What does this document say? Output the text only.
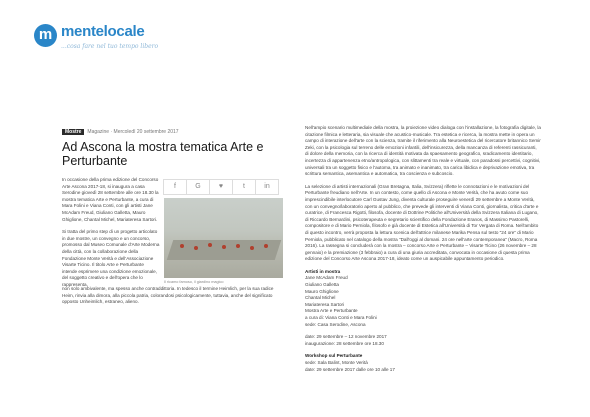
m mentelocale
...cosa fare nel tuo tempo libero
Mostre Magazine · Mercoledì 20 settembre 2017
Ad Ascona la mostra tematica Arte e Perturbante
f	G	♥	t	in

In occasione della prima edizione del Concorso Arte Ascona 2017-18, si inaugura a casa Serodine giovedì 28 settembre alle ore 18.30 la mostra tematica Arte e Perturbante, a cura di Mara Folini e Viana Conti, con gli artisti Jane McAdam Freud, Giuliano Galletta, Mauro Ghiglione, Chantal Michel, Mariateresa Sartori.

Si tratta del primo step di un progetto articolato in due mostre, un convegno e un concorso, promosso dal Museo Comunale d'Arte Moderna della città, con la collaborazione della Fondazione Monte Verità e dell'Associazione Visarte Ticino. Il titolo Arte e Perturbante intende esprimere una condizione emozionale, del soggetto creativo e dell'opera che lo rappresenta,	Il ricamo famoso, il giardino magico
non solo ambivalente, ma spesso anche contraddittoria. In tedesco il termine Heimlich, per la sua radice Heim, rinvia alla dimora, alla piccola patria, colorandosi psicologicamente, tuttavia, anche del significato opposto Unheimlich, estraneo, alieno.

Nell'ampio scenario multimediale della mostra, la proiezione video dialoga con l'installazione, la fotografia digitale, la citazione filmica e letteraria, sia visuale che acustico-musicale. Tra estetica e ricerca, la mostra mette in opera un campo di interazione dell'arte con la scienza, tramite il riferimento alla Neuroestetica del ricercatore britannico Semir Zeki, con la psicologia sul terreno delle emozioni infantili, dell'insicurezza, della mancanza di referenti rassicuranti, di dolore della memoria, con la ricerca di identità motivata da spaesamento geografico, sradicamento identitario, incertezza di appartenenza etno/antropologica, con slittamenti tra reale e virtuale, con paradossi percettivi, cognitivi, universali tra un soggetto fisico e l'automa, tra animato e inanimato, tra carica libidica e deprivazione emotiva, tra scrittura semantica, asemantica e automatica, tra coscienza e subcoscio.

La selezione di artisti internazionali (Gran Bretagna, Italia, Svizzera) riflette le connotazioni e le motivazioni del Perturbante freudiano nell'Arte. In un contesto, come quello di Ascona e Monte Verità, che ha avuto come suo imprescindibile interlocutore Carl Gustav Jung, diventa culturale proseguire venerdì 29 settembre a Monte Verità, con un convegno/laboratorio aperto al pubblico, che prevede gli interventi di Viana Conti, giornalista, critica d'arte e curatrice, di Francesca Rigotti, filosofa, docente di Dottrine Politiche all'Università della Svizzera Italiana di Lugano, di Riccardo Bernardini, psicoterapeuta e segretario scientifico della Fondazione Eranos, di Massimo Pastorelli, compositore e di Mario Perniola, filosofo e già docente di Estetica all'Università di Tor Vergata di Roma. Nell'ambito di questo incontro, verrà proposta la lettura scenica dell'attrice milanese Marika Pensa sul testo "24 ore" di Mario Perniola, pubblicato nel catalogo della mostra "Dall'oggi al domani. 24 ore nell'arte contemporanea" (Macro, Roma 2016). La rassegna si concluderà con la mostra – concorso Arte e Perturbante – Visarte Ticino (26 novembre – 28 gennaio) e la premiazione (3 febbraio) a cura di una giuria accreditata, convocata in occasione di questa prima edizione del Concorso Arte Ascona 2017-18, ideato come un auspicabile appuntamento periodico.

Artisti in mostra
Jane McAdam Freud
Giuliano Galletta
Mauro Ghiglione
Chantal Michel
Mariateresa Sartori
Mostra Arte e Perturbante
a cura di: Viana Conti e Mara Folini
sede: Casa Serodine, Ascona
date: 29 settembre – 12 novembre 2017
inaugurazione: 28 settembre ore 18.30
Workshop sul Perturbante
sede: Sala Balint, Monte Verità
date: 29 settembre 2017 dalle ore 10 alle 17
